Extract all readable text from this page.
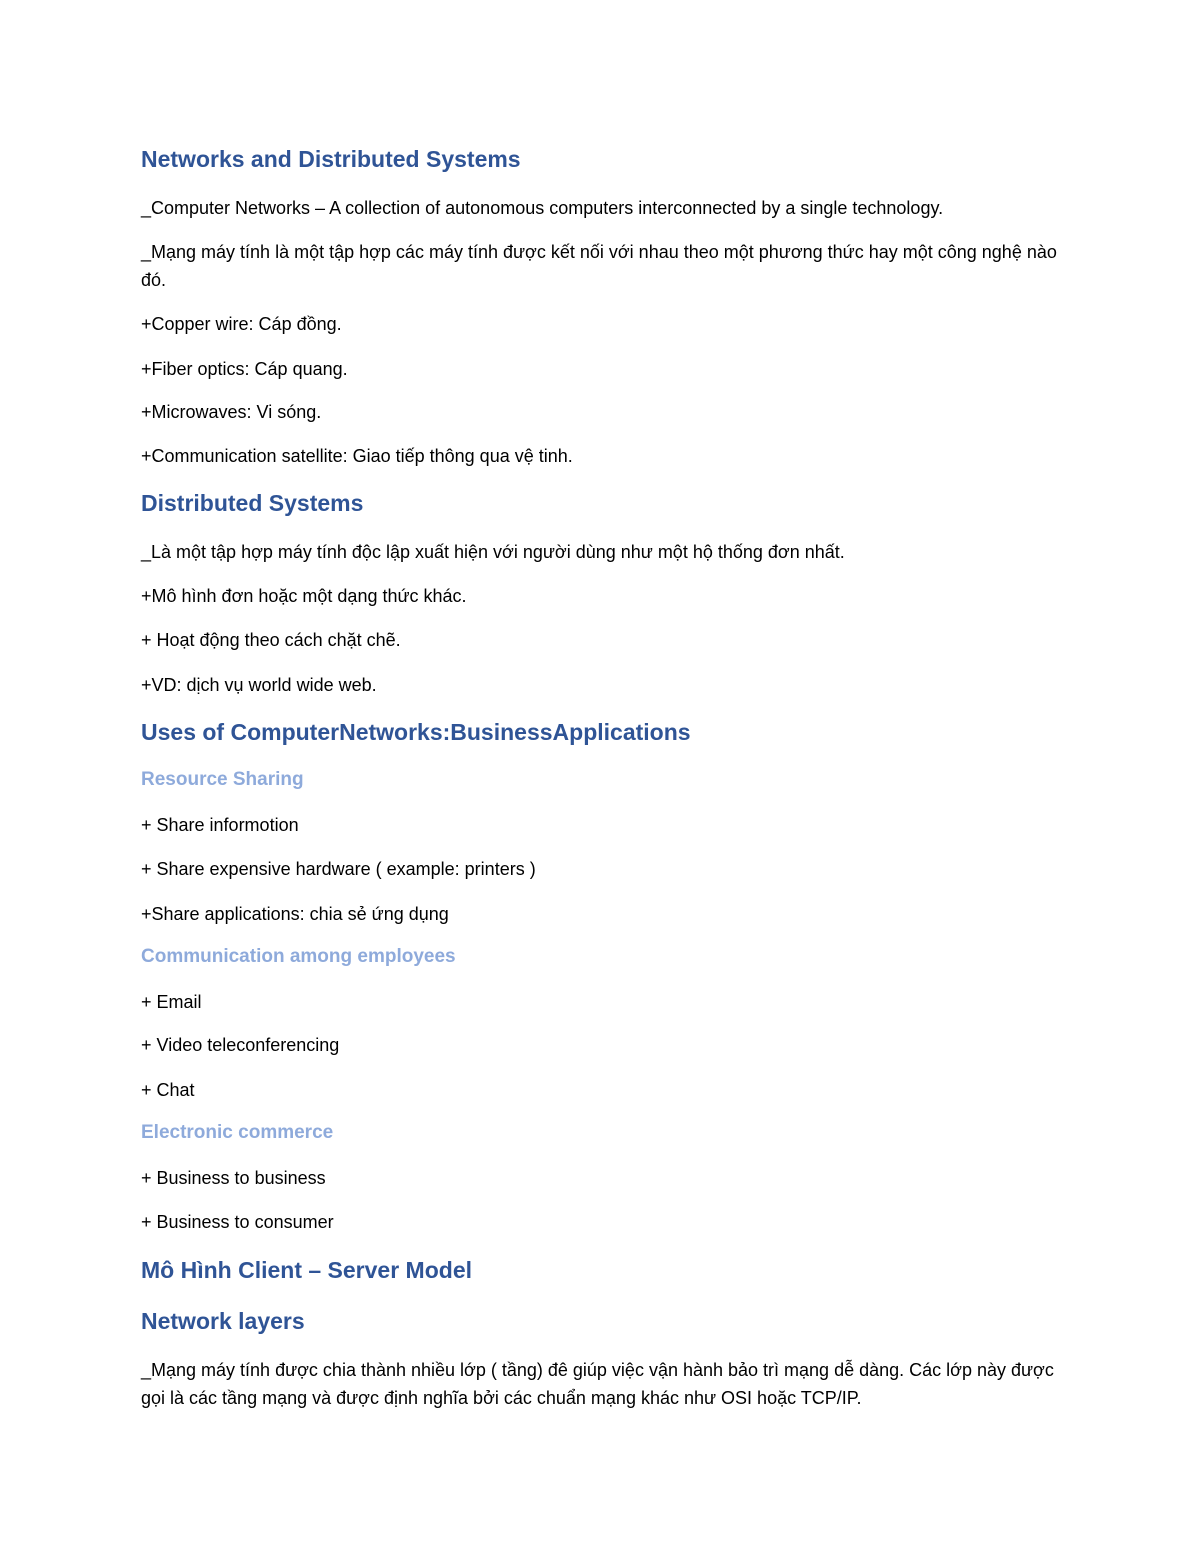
Networks and Distributed Systems

_Computer Networks – A collection of autonomous computers interconnected by a single technology.

_Mạng máy tính là một tập hợp các máy tính được kết nối với nhau theo một phương thức hay một công nghệ nào đó.

+Copper wire: Cáp đồng.

+Fiber optics: Cáp quang.

+Microwaves: Vi sóng.

+Communication satellite: Giao tiếp thông qua vệ tinh.

Distributed Systems

_Là một tập hợp máy tính độc lập xuất hiện với người dùng như một hộ thống đơn nhất.

+Mô hình đơn hoặc một dạng thức khác.

+ Hoạt động theo cách chặt chẽ.

+VD: dịch vụ world wide web.

Uses of ComputerNetworks:BusinessApplications
Resource Sharing

+ Share informotion

+ Share expensive hardware ( example: printers )

+Share applications: chia sẻ ứng dụng

Communication among employees

+ Email

+ Video teleconferencing

+ Chat

Electronic commerce

+ Business to business

+ Business to consumer

Mô Hình Client – Server Model
Network layers

_Mạng máy tính được chia thành nhiều lớp ( tầng) đê giúp việc vận hành bảo trì mạng dễ dàng. Các lớp này được gọi là các tầng mạng và được định nghĩa bởi các chuẩn mạng khác như OSI hoặc TCP/IP.
